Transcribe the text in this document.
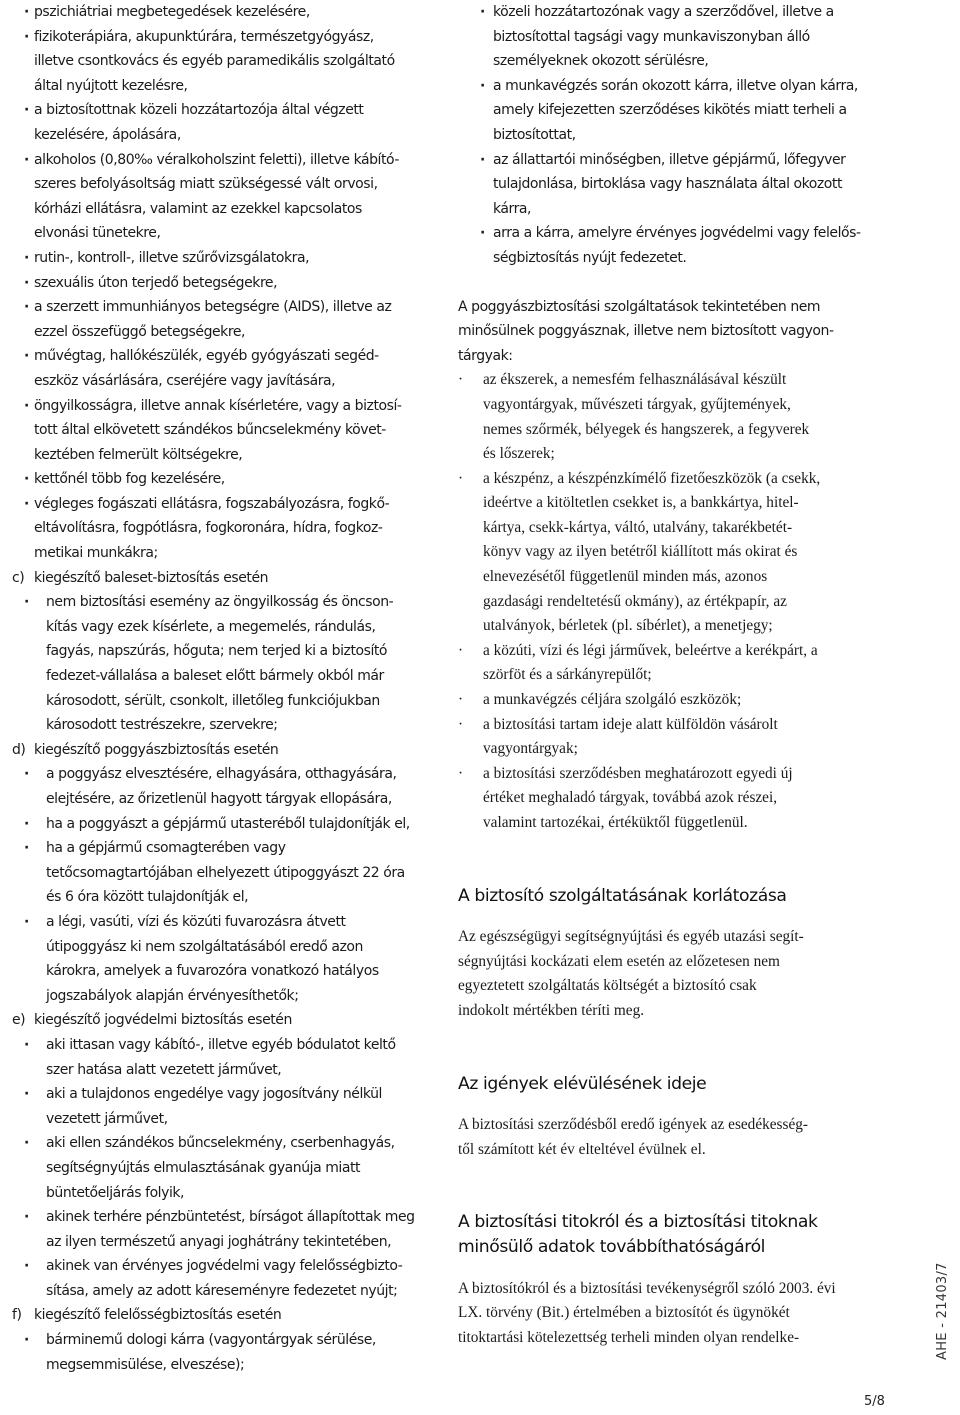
· pszichiátriai megbetegedések kezelésére,
· fizikoterápiára, akupunktúrára, természetgyógyász,
illetve csontkovács és egyéb paramedikális szolgáltató
által nyújtott kezelésre,
· a biztosítottnak közeli hozzátartozója által végzett
kezelésére, ápolására,
· alkoholos (0,80‰ véralkoholszint feletti), illetve kábító-
szeres befolyásoltság miatt szükségessé vált orvosi,
kórházi ellátásra, valamint az ezekkel kapcsolatos
elvonási tünetekre,
· rutin-, kontroll-, illetve szűrővizsgálatokra,
· szexuális úton terjedő betegségekre,
· a szerzett immunhiányos betegségre (AIDS), illetve az
ezzel összefüggő betegségekre,
· művégtag, hallókészülék, egyéb gyógyászati segéd-
eszköz vásárlására, cseréjére vagy javítására,
· öngyilkosságra, illetve annak kísérletére, vagy a biztosí-
tott által elkövetett szándékos bűncselekmény követ-
keztében felmerült költségekre,
· kettőnél több fog kezelésére,
· végleges fogászati ellátásra, fogszabályozásra, fogkő-
eltávolításra, fogpótlásra, fogkoronára, hídra, fogkoz-
metikai munkákra;
c) kiegészítő baleset-biztosítás esetén
· nem biztosítási esemény az öngyilkosság és öncson-
kítás vagy ezek kísérlete, a megemelés, rándulás,
fagyás, napszúrás, hőguta; nem terjed ki a biztosító
fedezet-vállalása a baleset előtt bármely okból már
károsodott, sérült, csonkolt, illetőleg funkciójukban
károsodott testrészekre, szervekre;
d) kiegészítő poggyászbiztosítás esetén
· a poggyász elvesztésére, elhagyására, otthagyására,
elejtésére, az őrizetlenül hagyott tárgyak ellopására,
· ha a poggyászt a gépjármű utasteréből tulajdonítják el,
· ha a gépjármű csomagterében vagy
tetőcsomagtartójában elhelyezett útipoggyászt 22 óra
és 6 óra között tulajdonítják el,
· a légi, vasúti, vízi és közúti fuvarozásra átvett
útipoggyász ki nem szolgáltatásából eredő azon
károkra, amelyek a fuvarozóra vonatkozó hatályos
jogszabályok alapján érvényesíthetők;
e) kiegészítő jogvédelmi biztosítás esetén
· aki ittasan vagy kábító-, illetve egyéb bódulatot keltő
szer hatása alatt vezetett járművet,
· aki a tulajdonos engedélye vagy jogosítvány nélkül
vezetett járművet,
· aki ellen szándékos bűncselekmény, cserbenhagyás,
segítségnyújtás elmulasztásának gyanúja miatt
büntetőeljárás folyik,
· akinek terhére pénzbüntetést, bírságot állapítottak meg
az ilyen természetű anyagi joghátrány tekintetében,
· akinek van érvényes jogvédelmi vagy felelősségbizto-
sítása, amely az adott káreseményre fedezetet nyújt;
f) kiegészítő felelősségbiztosítás esetén
· bárminemű dologi kárra (vagyontárgyak sérülése,
megsemmisülése, elveszése);
· közeli hozzátartozónak vagy a szerződővel, illetve a
biztosítottal tagsági vagy munkaviszonyban álló
személyeknek okozott sérülésre,
· a munkavégzés során okozott kárra, illetve olyan kárra,
amely kifejezetten szerződéses kikötés miatt terheli a
biztosítottat,
· az állattartói minőségben, illetve gépjármű, lőfegyver
tulajdonlása, birtoklása vagy használata által okozott
kárra,
· arra a kárra, amelyre érvényes jogvédelmi vagy felelős-
ségbiztosítás nyújt fedezetet.

A poggyászbiztosítási szolgáltatások tekintetében nem
minősülnek poggyásznak, illetve nem biztosított vagyon-
tárgyak:

· az ékszerek, a nemesfém felhasználásával készült
vagyontárgyak, művészeti tárgyak, gyűjtemények,
nemes szőrmék, bélyegek és hangszerek, a fegyverek
és lőszerek;
· a készpénz, a készpénzkímélő fizetőeszközök (a csekk,
ideértve a kitöltetlen csekket is, a bankkártya, hitel-
kártya, csekk-kártya, váltó, utalvány, takarékbetét-
könyv vagy az ilyen betétről kiállított más okirat és
elnevezésétől függetlenül minden más, azonos
gazdasági rendeltetésű okmány), az értékpapír, az
utalványok, bérletek (pl. síbérlet), a menetjegy;
· a közúti, vízi és légi járművek, beleértve a kerékpárt, a
szörföt és a sárkányrepülőt;
· a munkavégzés céljára szolgáló eszközök;
· a biztosítási tartam ideje alatt külföldön vásárolt
vagyontárgyak;
· a biztosítási szerződésben meghatározott egyedi új
értéket meghaladó tárgyak, továbbá azok részei,
valamint tartozékai, értéküktől függetlenül.
A biztosító szolgáltatásának korlátozása

Az egészségügyi segítségnyújtási és egyéb utazási segít-
ségnyújtási kockázati elem esetén az előzetesen nem
egyeztetett szolgáltatás költségét a biztosító csak
indokolt mértékben téríti meg.

Az igények elévülésének ideje

A biztosítási szerződésből eredő igények az esedékesség-
től számított két év elteltével évülnek el.

A biztosítási titokról és a biztosítási titoknak
minősülő adatok továbbíthatóságáról

A biztosítókról és a biztosítási tevékenységről szóló 2003. évi
LX. törvény (Bit.) értelmében a biztosítót és ügynökét
titoktartási kötelezettség terheli minden olyan rendelke-	AHE - 21403/7
5/8
